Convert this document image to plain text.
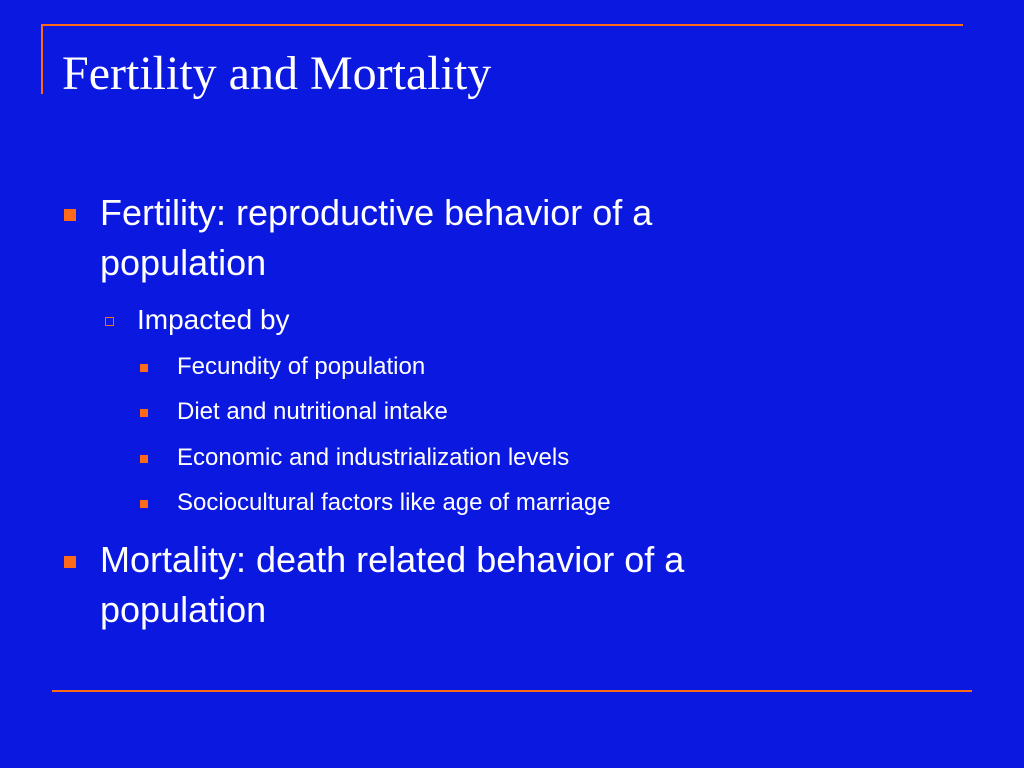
Fertility and Mortality
Fertility: reproductive behavior of a population
Impacted by
Fecundity of population
Diet and nutritional intake
Economic and industrialization levels
Sociocultural factors like age of marriage
Mortality: death related behavior of a population
